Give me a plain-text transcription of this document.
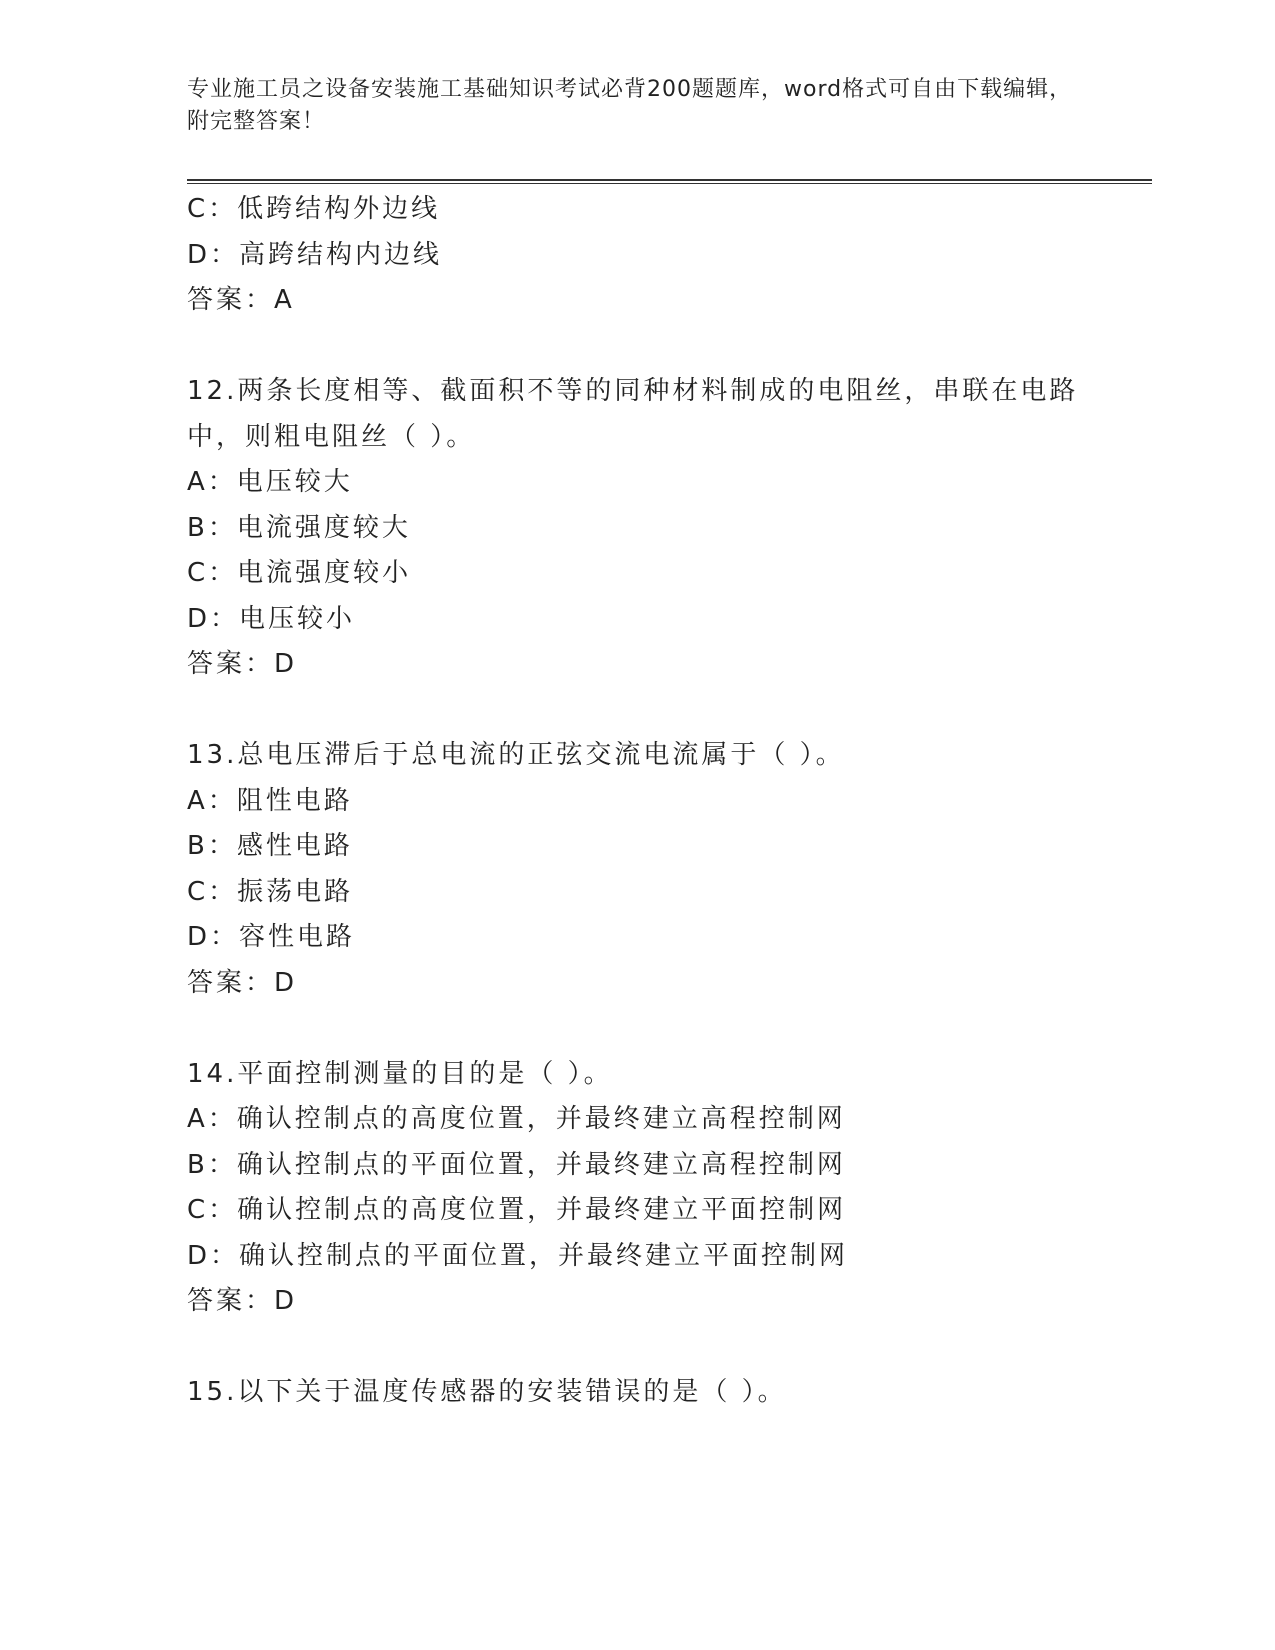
专业施工员之设备安装施工基础知识考试必背200题题库，word格式可自由下载编辑，附完整答案！
C：低跨结构外边线
D：高跨结构内边线
答案：A
12.两条长度相等、截面积不等的同种材料制成的电阻丝，串联在电路
中，则粗电阻丝（ ）。
A：电压较大
B：电流强度较大
C：电流强度较小
D：电压较小
答案：D
13.总电压滞后于总电流的正弦交流电流属于（ ）。
A：阻性电路
B：感性电路
C：振荡电路
D：容性电路
答案：D
14.平面控制测量的目的是（ ）。
A：确认控制点的高度位置，并最终建立高程控制网
B：确认控制点的平面位置，并最终建立高程控制网
C：确认控制点的高度位置，并最终建立平面控制网
D：确认控制点的平面位置，并最终建立平面控制网
答案：D
15.以下关于温度传感器的安装错误的是（ ）。
